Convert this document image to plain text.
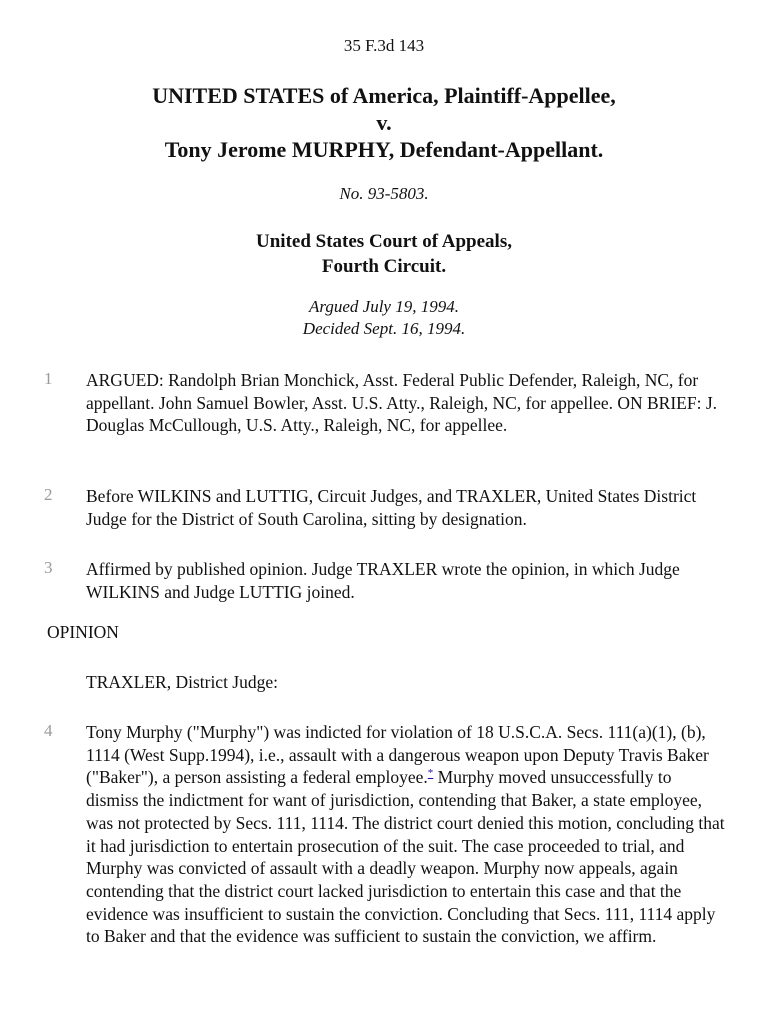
35 F.3d 143
UNITED STATES of America, Plaintiff-Appellee,
v.
Tony Jerome MURPHY, Defendant-Appellant.
No. 93-5803.
United States Court of Appeals,
Fourth Circuit.
Argued July 19, 1994.
Decided Sept. 16, 1994.
1 ARGUED: Randolph Brian Monchick, Asst. Federal Public Defender, Raleigh, NC, for appellant. John Samuel Bowler, Asst. U.S. Atty., Raleigh, NC, for appellee. ON BRIEF: J. Douglas McCullough, U.S. Atty., Raleigh, NC, for appellee.
2 Before WILKINS and LUTTIG, Circuit Judges, and TRAXLER, United States District Judge for the District of South Carolina, sitting by designation.
3 Affirmed by published opinion. Judge TRAXLER wrote the opinion, in which Judge WILKINS and Judge LUTTIG joined.
OPINION
TRAXLER, District Judge:
4 Tony Murphy ("Murphy") was indicted for violation of 18 U.S.C.A. Secs. 111(a)(1), (b), 1114 (West Supp.1994), i.e., assault with a dangerous weapon upon Deputy Travis Baker ("Baker"), a person assisting a federal employee.* Murphy moved unsuccessfully to dismiss the indictment for want of jurisdiction, contending that Baker, a state employee, was not protected by Secs. 111, 1114. The district court denied this motion, concluding that it had jurisdiction to entertain prosecution of the suit. The case proceeded to trial, and Murphy was convicted of assault with a deadly weapon. Murphy now appeals, again contending that the district court lacked jurisdiction to entertain this case and that the evidence was insufficient to sustain the conviction. Concluding that Secs. 111, 1114 apply to Baker and that the evidence was sufficient to sustain the conviction, we affirm.
